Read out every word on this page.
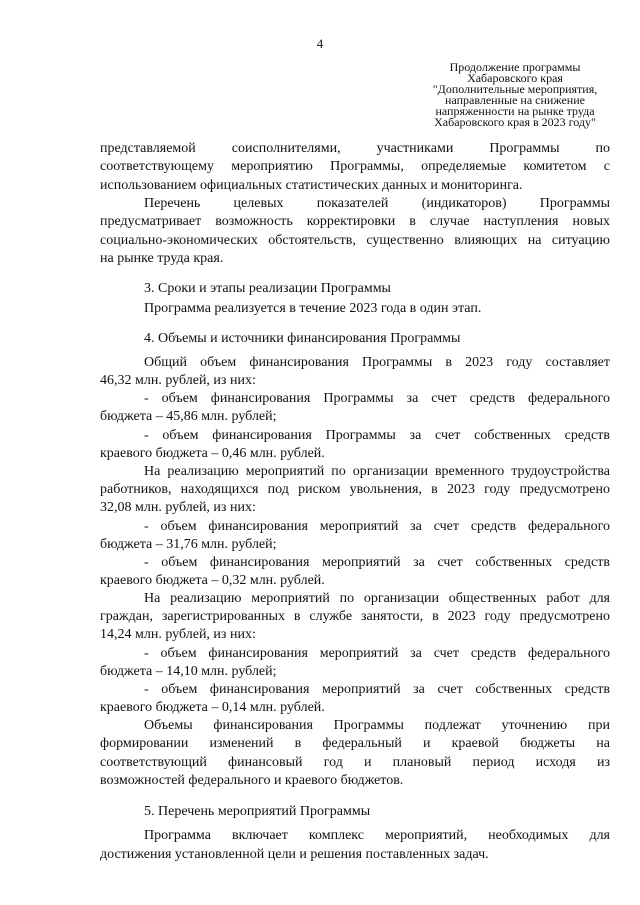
4
Продолжение программы
Хабаровского края
"Дополнительные мероприятия,
направленные на снижение
напряженности на рынке труда
Хабаровского края в 2023 году"
представляемой соисполнителями, участниками Программы по
соответствующему мероприятию Программы, определяемые комитетом с
использованием официальных статистических данных и мониторинга.
Перечень целевых показателей (индикаторов) Программы
предусматривает возможность корректировки в случае наступления новых
социально-экономических обстоятельств, существенно влияющих на ситуацию
на рынке труда края.
3. Сроки и этапы реализации Программы
Программа реализуется в течение 2023 года в один этап.
4. Объемы и источники финансирования Программы
Общий объем финансирования Программы в 2023 году составляет
46,32 млн. рублей, из них:
- объем финансирования Программы за счет средств федерального
бюджета – 45,86 млн. рублей;
- объем финансирования Программы за счет собственных средств
краевого бюджета – 0,46 млн. рублей.
На реализацию мероприятий по организации временного трудоустройства
работников, находящихся под риском увольнения, в 2023 году предусмотрено
32,08 млн. рублей, из них:
- объем финансирования мероприятий за счет средств федерального
бюджета – 31,76 млн. рублей;
- объем финансирования мероприятий за счет собственных средств
краевого бюджета – 0,32 млн. рублей.
На реализацию мероприятий по организации общественных работ для
граждан, зарегистрированных в службе занятости, в 2023 году предусмотрено
14,24 млн. рублей, из них:
- объем финансирования мероприятий за счет средств федерального
бюджета – 14,10 млн. рублей;
- объем финансирования мероприятий за счет собственных средств
краевого бюджета – 0,14 млн. рублей.
Объемы финансирования Программы подлежат уточнению при
формировании изменений в федеральный и краевой бюджеты на
соответствующий финансовый год и плановый период исходя из
возможностей федерального и краевого бюджетов.
5. Перечень мероприятий Программы
Программа включает комплекс мероприятий, необходимых для
достижения установленной цели и решения поставленных задач.
